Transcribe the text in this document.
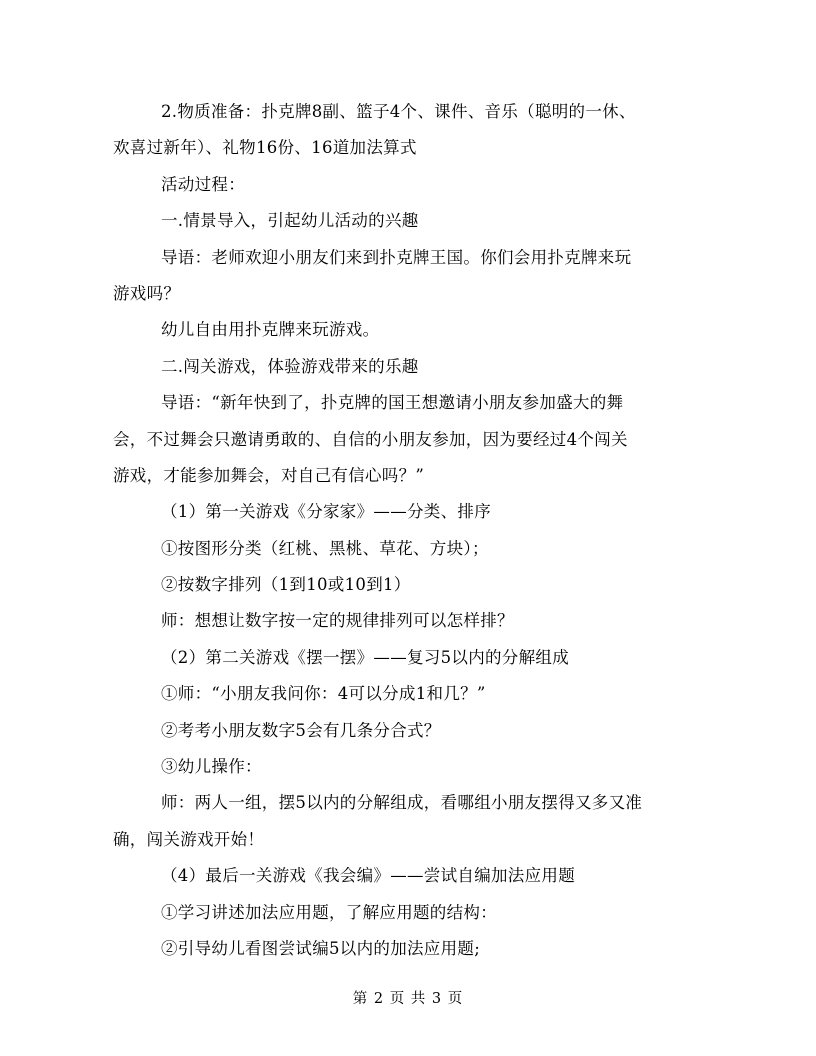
2.物质准备：扑克牌8副、篮子4个、课件、音乐（聪明的一休、
欢喜过新年）、礼物16份、16道加法算式
活动过程：
一.情景导入，引起幼儿活动的兴趣
导语：老师欢迎小朋友们来到扑克牌王国。你们会用扑克牌来玩
游戏吗？
幼儿自由用扑克牌来玩游戏。
二.闯关游戏，体验游戏带来的乐趣
导语：“新年快到了，扑克牌的国王想邀请小朋友参加盛大的舞
会，不过舞会只邀请勇敢的、自信的小朋友参加，因为要经过4个闯关
游戏，才能参加舞会，对自己有信心吗？”
（1）第一关游戏《分家家》——分类、排序
①按图形分类（红桃、黑桃、草花、方块）；
②按数字排列（1到10或10到1）
师：想想让数字按一定的规律排列可以怎样排？
（2）第二关游戏《摆一摆》——复习5以内的分解组成
①师：“小朋友我问你：4可以分成1和几？”
②考考小朋友数字5会有几条分合式？
③幼儿操作：
师：两人一组，摆5以内的分解组成，看哪组小朋友摆得又多又准
确，闯关游戏开始！
（4）最后一关游戏《我会编》——尝试自编加法应用题
①学习讲述加法应用题，了解应用题的结构：
②引导幼儿看图尝试编5以内的加法应用题;
第 2 页 共 3 页
